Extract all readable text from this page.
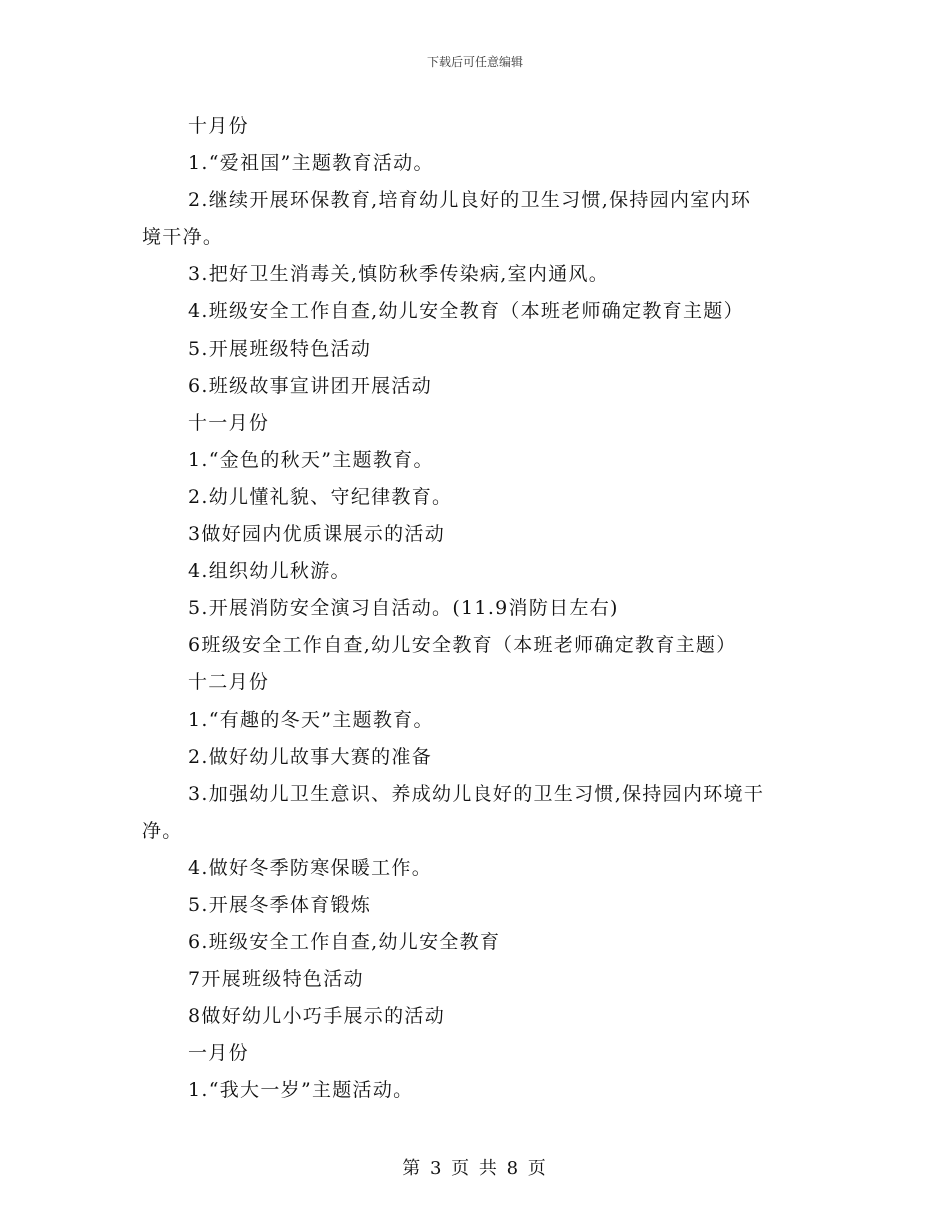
下载后可任意编辑
十月份
1.“爱祖国”主题教育活动。
2.继续开展环保教育,培育幼儿良好的卫生习惯,保持园内室内环
境干净。
3.把好卫生消毒关,慎防秋季传染病,室内通风。
4.班级安全工作自查,幼儿安全教育（本班老师确定教育主题）
5.开展班级特色活动
6.班级故事宣讲团开展活动
十一月份
1.“金色的秋天”主题教育。
2.幼儿懂礼貌、守纪律教育。
3做好园内优质课展示的活动
4.组织幼儿秋游。
5.开展消防安全演习自活动。(11.9消防日左右)
6班级安全工作自查,幼儿安全教育（本班老师确定教育主题）
十二月份
1.“有趣的冬天”主题教育。
2.做好幼儿故事大赛的准备
3.加强幼儿卫生意识、养成幼儿良好的卫生习惯,保持园内环境干
净。
4.做好冬季防寒保暖工作。
5.开展冬季体育锻炼
6.班级安全工作自查,幼儿安全教育
7开展班级特色活动
8做好幼儿小巧手展示的活动
一月份
1.“我大一岁”主题活动。
第 3 页 共 8 页
